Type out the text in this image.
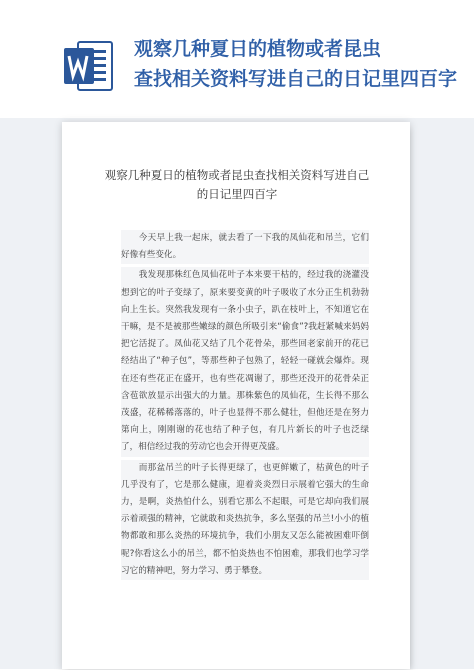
观察几种夏日的植物或者昆虫
查找相关资料写进自己的日记里四百字
观察几种夏日的植物或者昆虫查找相关资料写进自己
的日记里四百字

　　今天早上我一起床，就去看了一下我的凤仙花和吊兰，它们好像有些变化。

　　我发现那株红色凤仙花叶子本来要干枯的，经过我的浇灌没想到它的叶子变绿了，原来要变黄的叶子吸收了水分正生机勃勃向上生长。突然我发现有一条小虫子，趴在枝叶上，不知道它在干嘛，是不是被那些嫩绿的颜色所吸引来“偷食”?我赶紧喊来妈妈把它活捉了。凤仙花又结了几个花骨朵，那些回老家前开的花已经结出了“种子包”，等那些种子包熟了，轻轻一碰就会爆炸。现在还有些花正在盛开，也有些花凋谢了，那些还没开的花骨朵正含苞欲放显示出强大的力量。那株紫色的凤仙花，生长得不那么茂盛，花稀稀落落的，叶子也显得不那么健壮，但他还是在努力第向上，刚刚谢的花也结了种子包，有几片新长的叶子也泛绿了，相信经过我的劳动它也会开得更茂盛。

　　而那盆吊兰的叶子长得更绿了，也更鲜嫩了，枯黄色的叶子几乎没有了，它是那么健康，迎着炎炎烈日示展着它强大的生命力，是啊，炎热怕什么，别看它那么不起眼，可是它却向我们展示着顽强的精神，它就敢和炎热抗争，多么坚强的吊兰!小小的植物都敢和那么炎热的环境抗争，我们小朋友又怎么能被困难吓倒呢?你看这么小的吊兰，都不怕炎热也不怕困难，那我们也学习学习它的精神吧，努力学习、勇于攀登。
